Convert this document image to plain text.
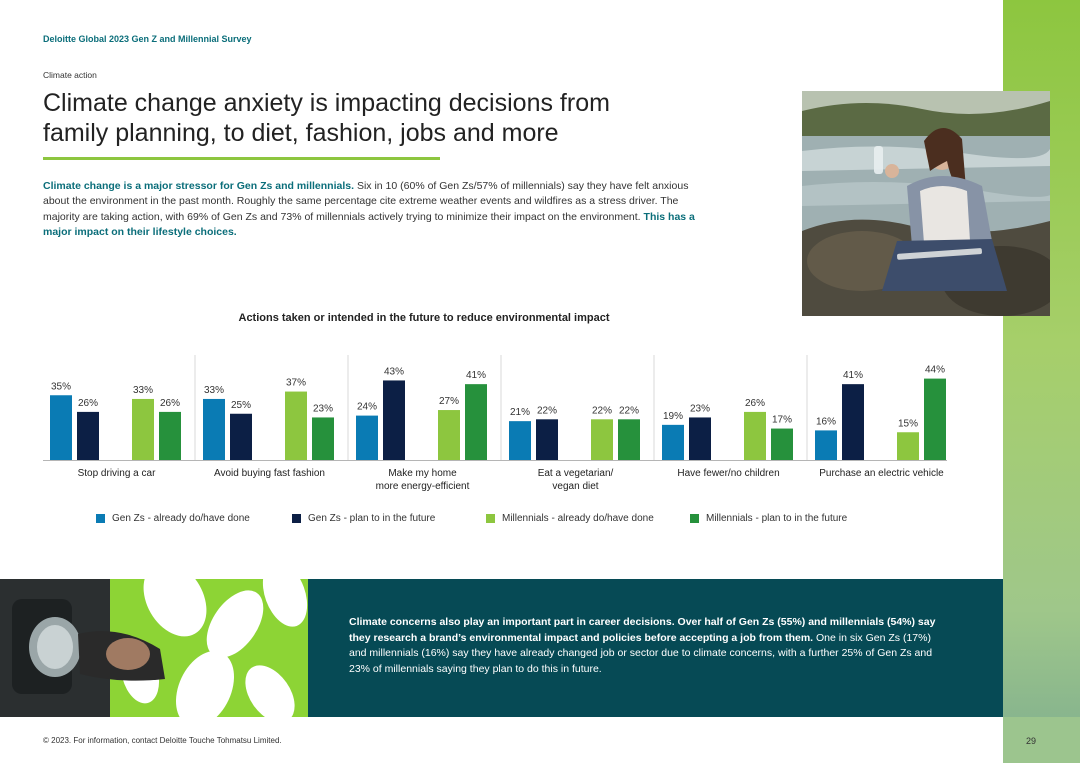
Deloitte Global 2023 Gen Z and Millennial Survey
Climate action
Climate change anxiety is impacting decisions from family planning, to diet, fashion, jobs and more
Climate change is a major stressor for Gen Zs and millennials. Six in 10 (60% of Gen Zs/57% of millennials) say they have felt anxious about the environment in the past month. Roughly the same percentage cite extreme weather events and wildfires as a stress driver. The majority are taking action, with 69% of Gen Zs and 73% of millennials actively trying to minimize their impact on the environment. This has a major impact on their lifestyle choices.
Actions taken or intended in the future to reduce environmental impact
35%
26%
33%
26%
Stop driving a car
33%
25%
37%
23%
Avoid buying fast fashion
24%
43%
27%
41%
Make my home
more energy-efficient
21% 22%	22% 22%
Eat a vegetarian/
vegan diet
19%
23%
26%
17%
Have fewer/no children
16%
41%
15%
44%
Purchase an electric vehicle
Gen Zs - already do/have done	Gen Zs - plan to in the future	Millennials - already do/have done	Millennials - plan to in the future
Climate concerns also play an important part in career decisions. Over half of Gen Zs (55%) and millennials (54%) say they research a brand’s environmental impact and policies before accepting a job from them. One in six Gen Zs (17%) and millennials (16%) say they have already changed job or sector due to climate concerns, with a further 25% of Gen Zs and 23% of millennials saying they plan to do this in future.
© 2023. For information, contact Deloitte Touche Tohmatsu Limited.	29
